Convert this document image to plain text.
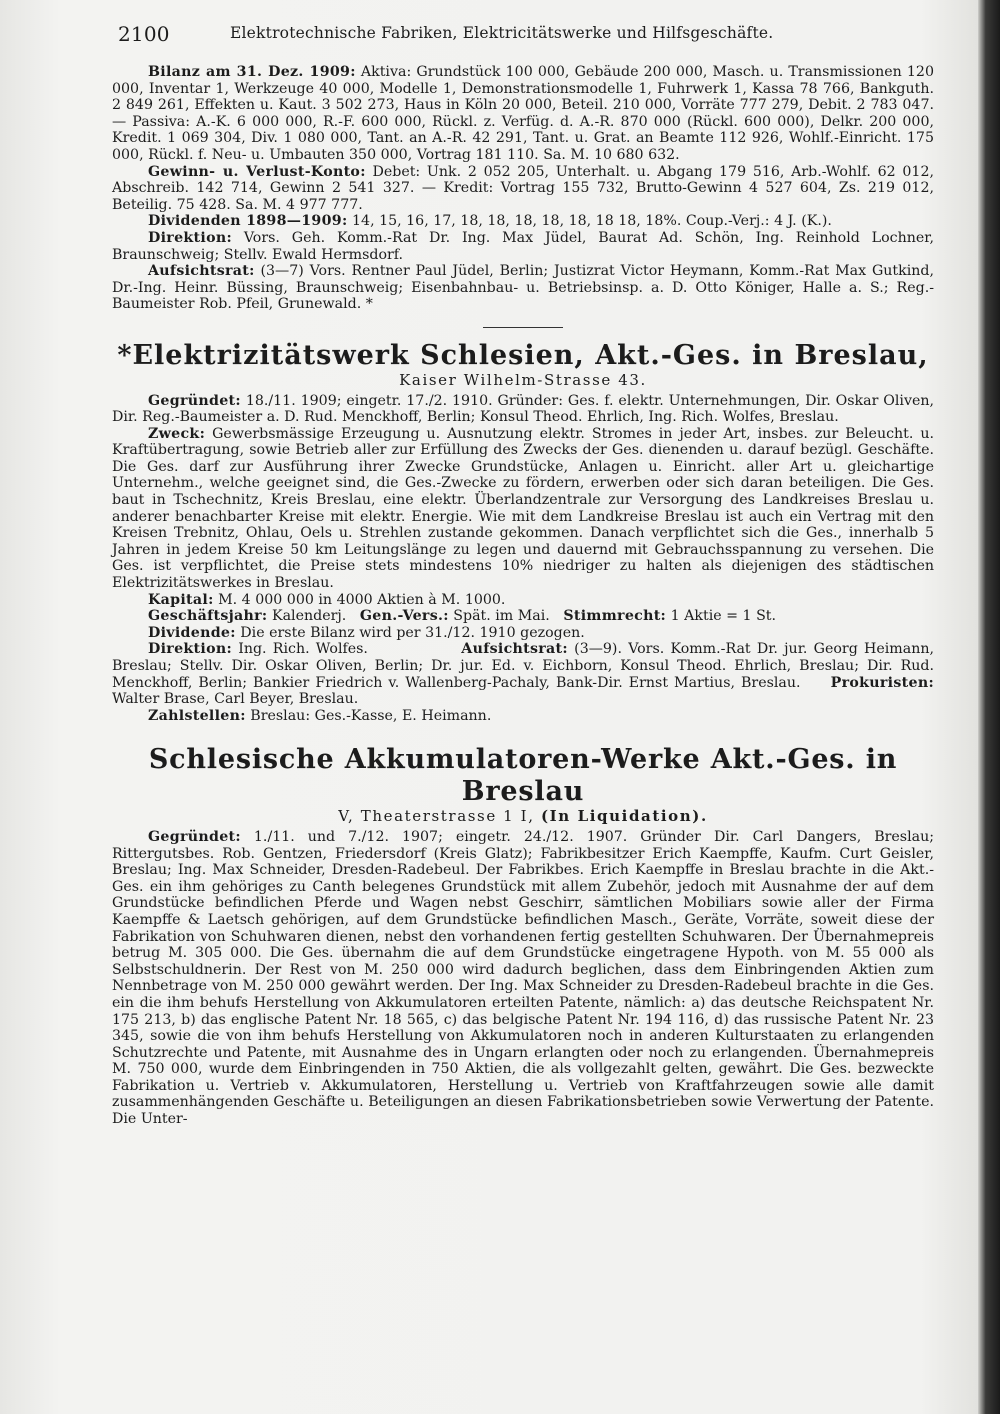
2100	Elektrotechnische Fabriken, Elektricitätswerke und Hilfsgeschäfte.

Bilanz am 31. Dez. 1909: Aktiva: Grundstück 100 000, Gebäude 200 000, Masch. u. Transmissionen 120 000, Inventar 1, Werkzeuge 40 000, Modelle 1, Demonstrationsmodelle 1, Fuhrwerk 1, Kassa 78 766, Bankguth. 2 849 261, Effekten u. Kaut. 3 502 273, Haus in Köln 20 000, Beteil. 210 000, Vorräte 777 279, Debit. 2 783 047. — Passiva: A.-K. 6 000 000, R.-F. 600 000, Rückl. z. Verfüg. d. A.-R. 870 000 (Rückl. 600 000), Delkr. 200 000, Kredit. 1 069 304, Div. 1 080 000, Tant. an A.-R. 42 291, Tant. u. Grat. an Beamte 112 926, Wohlf.-Einricht. 175 000, Rückl. f. Neu- u. Umbauten 350 000, Vortrag 181 110. Sa. M. 10 680 632.

Gewinn- u. Verlust-Konto: Debet: Unk. 2 052 205, Unterhalt. u. Abgang 179 516, Arb.-Wohlf. 62 012, Abschreib. 142 714, Gewinn 2 541 327. — Kredit: Vortrag 155 732, Brutto-Gewinn 4 527 604, Zs. 219 012, Beteilig. 75 428. Sa. M. 4 977 777.

Dividenden 1898—1909: 14, 15, 16, 17, 18, 18, 18, 18, 18, 18 18, 18%. Coup.-Verj.: 4 J. (K.).

Direktion: Vors. Geh. Komm.-Rat Dr. Ing. Max Jüdel, Baurat Ad. Schön, Ing. Reinhold Lochner, Braunschweig; Stellv. Ewald Hermsdorf.

Aufsichtsrat: (3—7) Vors. Rentner Paul Jüdel, Berlin; Justizrat Victor Heymann, Komm.-Rat Max Gutkind, Dr.-Ing. Heinr. Büssing, Braunschweig; Eisenbahnbau- u. Betriebsinsp. a. D. Otto Königer, Halle a. S.; Reg.-Baumeister Rob. Pfeil, Grunewald. *

*Elektrizitätswerk Schlesien, Akt.-Ges. in Breslau,
Kaiser Wilhelm-Strasse 43.

Gegründet: 18./11. 1909; eingetr. 17./2. 1910. Gründer: Ges. f. elektr. Unternehmungen, Dir. Oskar Oliven, Dir. Reg.-Baumeister a. D. Rud. Menckhoff, Berlin; Konsul Theod. Ehrlich, Ing. Rich. Wolfes, Breslau.

Zweck: Gewerbsmässige Erzeugung u. Ausnutzung elektr. Stromes in jeder Art, insbes. zur Beleucht. u. Kraftübertragung, sowie Betrieb aller zur Erfüllung des Zwecks der Ges. dienenden u. darauf bezügl. Geschäfte. Die Ges. darf zur Ausführung ihrer Zwecke Grundstücke, Anlagen u. Einricht. aller Art u. gleichartige Unternehm., welche geeignet sind, die Ges.-Zwecke zu fördern, erwerben oder sich daran beteiligen. Die Ges. baut in Tschechnitz, Kreis Breslau, eine elektr. Überlandzentrale zur Versorgung des Landkreises Breslau u. anderer benachbarter Kreise mit elektr. Energie. Wie mit dem Landkreise Breslau ist auch ein Vertrag mit den Kreisen Trebnitz, Ohlau, Oels u. Strehlen zustande gekommen. Danach verpflichtet sich die Ges., innerhalb 5 Jahren in jedem Kreise 50 km Leitungslänge zu legen und dauernd mit Gebrauchsspannung zu versehen. Die Ges. ist verpflichtet, die Preise stets mindestens 10% niedriger zu halten als diejenigen des städtischen Elektrizitätswerkes in Breslau.

Kapital: M. 4 000 000 in 4000 Aktien à M. 1000.

Geschäftsjahr: Kalenderj. Gen.-Vers.: Spät. im Mai. Stimmrecht: 1 Aktie = 1 St.

Dividende: Die erste Bilanz wird per 31./12. 1910 gezogen.

Direktion: Ing. Rich. Wolfes.	Aufsichtsrat: (3—9). Vors. Komm.-Rat Dr. jur. Georg Heimann, Breslau; Stellv. Dir. Oskar Oliven, Berlin; Dr. jur. Ed. v. Eichborn, Konsul Theod. Ehrlich, Breslau; Dir. Rud. Menckhoff, Berlin; Bankier Friedrich v. Wallenberg-Pachaly, Bank-Dir. Ernst Martius, Breslau. Prokuristen: Walter Brase, Carl Beyer, Breslau.

Zahlstellen: Breslau: Ges.-Kasse, E. Heimann.

Schlesische Akkumulatoren-Werke Akt.-Ges. in Breslau
V, Theaterstrasse 1 I, (In Liquidation).

Gegründet: 1./11. und 7./12. 1907; eingetr. 24./12. 1907. Gründer Dir. Carl Dangers, Breslau; Rittergutsbes. Rob. Gentzen, Friedersdorf (Kreis Glatz); Fabrikbesitzer Erich Kaempffe, Kaufm. Curt Geisler, Breslau; Ing. Max Schneider, Dresden-Radebeul. Der Fabrikbes. Erich Kaempffe in Breslau brachte in die Akt.-Ges. ein ihm gehöriges zu Canth belegenes Grundstück mit allem Zubehör, jedoch mit Ausnahme der auf dem Grundstücke befindlichen Pferde und Wagen nebst Geschirr, sämtlichen Mobiliars sowie aller der Firma Kaempffe & Laetsch gehörigen, auf dem Grundstücke befindlichen Masch., Geräte, Vorräte, soweit diese der Fabrikation von Schuhwaren dienen, nebst den vorhandenen fertig gestellten Schuhwaren. Der Übernahmepreis betrug M. 305 000. Die Ges. übernahm die auf dem Grundstücke eingetragene Hypoth. von M. 55 000 als Selbstschuldnerin. Der Rest von M. 250 000 wird dadurch beglichen, dass dem Einbringenden Aktien zum Nennbetrage von M. 250 000 gewährt werden. Der Ing. Max Schneider zu Dresden-Radebeul brachte in die Ges. ein die ihm behufs Herstellung von Akkumulatoren erteilten Patente, nämlich: a) das deutsche Reichspatent Nr. 175 213, b) das englische Patent Nr. 18 565, c) das belgische Patent Nr. 194 116, d) das russische Patent Nr. 23 345, sowie die von ihm behufs Herstellung von Akkumulatoren noch in anderen Kulturstaaten zu erlangenden Schutzrechte und Patente, mit Ausnahme des in Ungarn erlangten oder noch zu erlangenden. Übernahmepreis M. 750 000, wurde dem Einbringenden in 750 Aktien, die als vollgezahlt gelten, gewährt. Die Ges. bezweckte Fabrikation u. Vertrieb v. Akkumulatoren, Herstellung u. Vertrieb von Kraftfahrzeugen sowie alle damit zusammenhängenden Geschäfte u. Beteiligungen an diesen Fabrikationsbetrieben sowie Verwertung der Patente. Die Unter-
